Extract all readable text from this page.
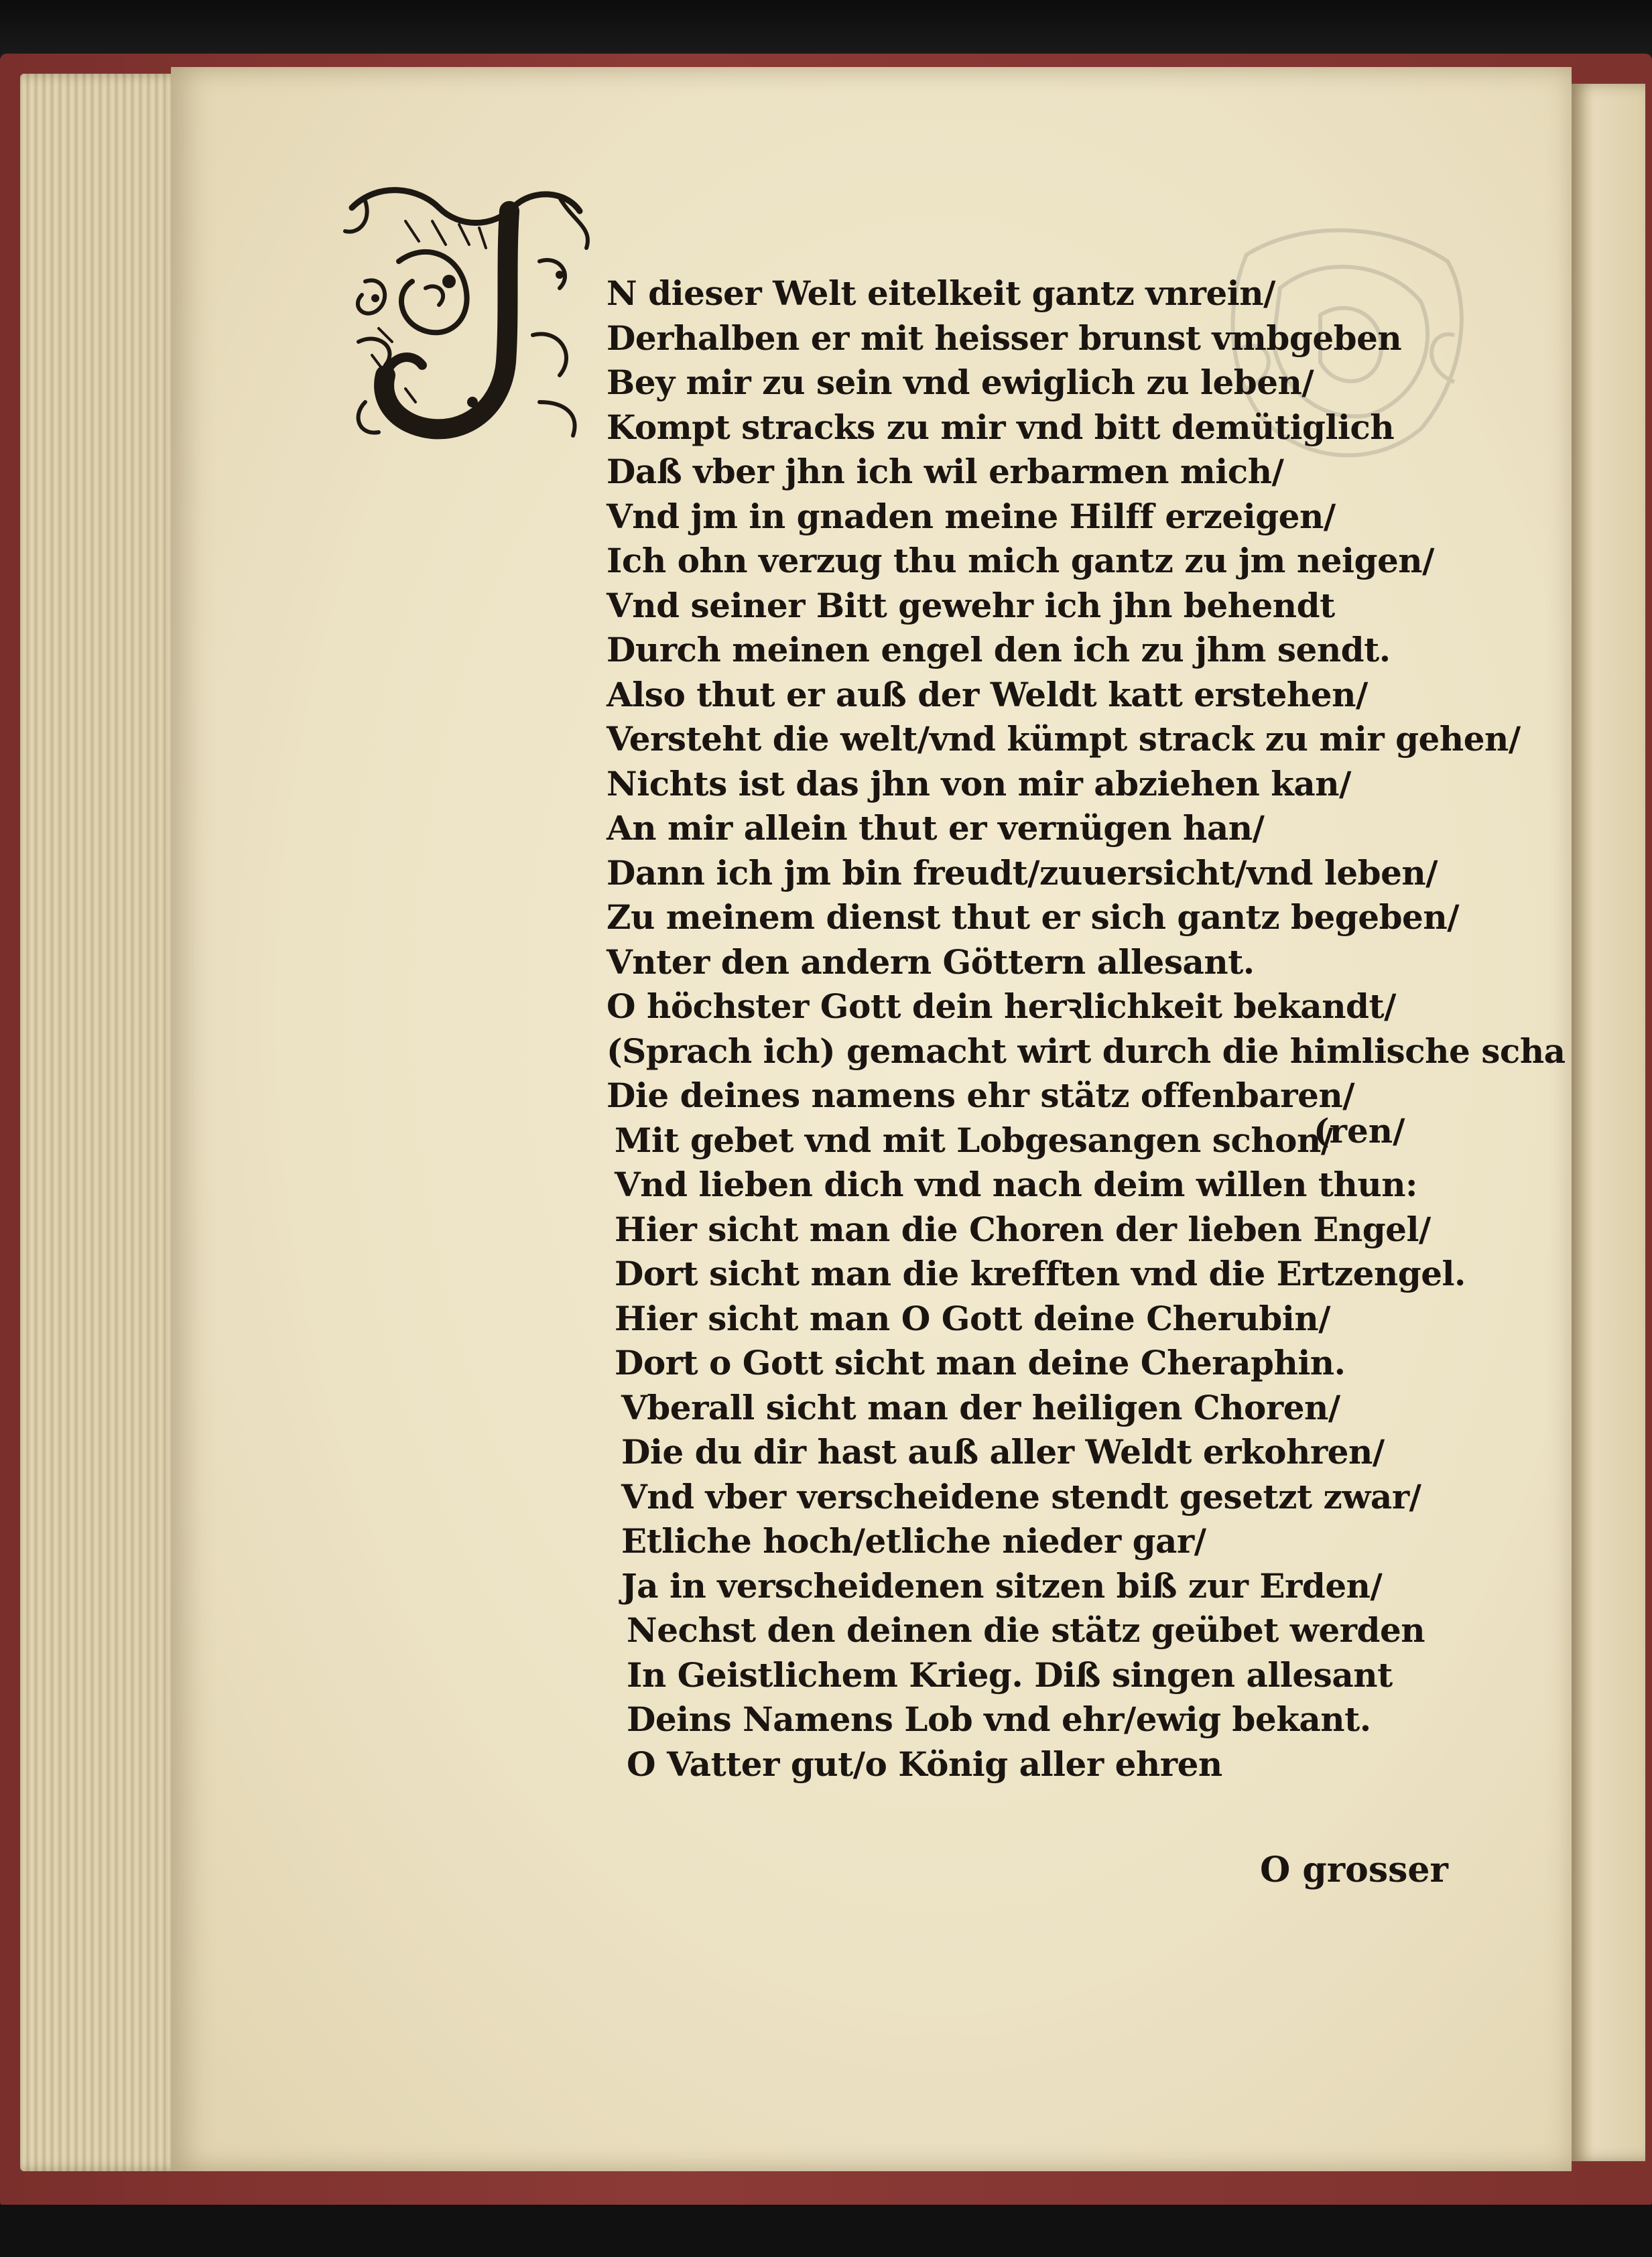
N dieser Welt eitelkeit gantz vnrein/
Derhalben er mit heisser brunst vmbgeben
Bey mir zu sein vnd ewiglich zu leben/
Kompt stracks zu mir vnd bitt demütiglich
Daß vber jhn ich wil erbarmen mich/
Vnd jm in gnaden meine Hilff erzeigen/
Ich ohn verzug thu mich gantz zu jm neigen/
Vnd seiner Bitt gewehr ich jhn behendt
Durch meinen engel den ich zu jhm sendt.
Also thut er auß der Weldt katt erstehen/
Versteht die welt/vnd kümpt strack zu mir gehen/
Nichts ist das jhn von mir abziehen kan/
An mir allein thut er vernügen han/
Dann ich jm bin freudt/zuuersicht/vnd leben/
Zu meinem dienst thut er sich gantz begeben/
Vnter den andern Göttern allesant.
O höchster Gott dein herꝛlichkeit bekandt/
(Sprach ich) gemacht wirt durch die himlische scha
Die deines namens ehr stätz offenbaren/
Mit gebet vnd mit Lobgesangen schon/
Vnd lieben dich vnd nach deim willen thun:
Hier sicht man die Choren der lieben Engel/
Dort sicht man die krefften vnd die Ertzengel.
Hier sicht man O Gott deine Cherubin/
Dort o Gott sicht man deine Cheraphin.
Vberall sicht man der heiligen Choren/
Die du dir hast auß aller Weldt erkohren/
Vnd vber verscheidene stendt gesetzt zwar/
Etliche hoch/etliche nieder gar/
Ja in verscheidenen sitzen biß zur Erden/
Nechst den deinen die stätz geübet werden
In Geistlichem Krieg. Diß singen allesant
Deins Namens Lob vnd ehr/ewig bekant.
O Vatter gut/o König aller ehren
(ren/
O grosser
